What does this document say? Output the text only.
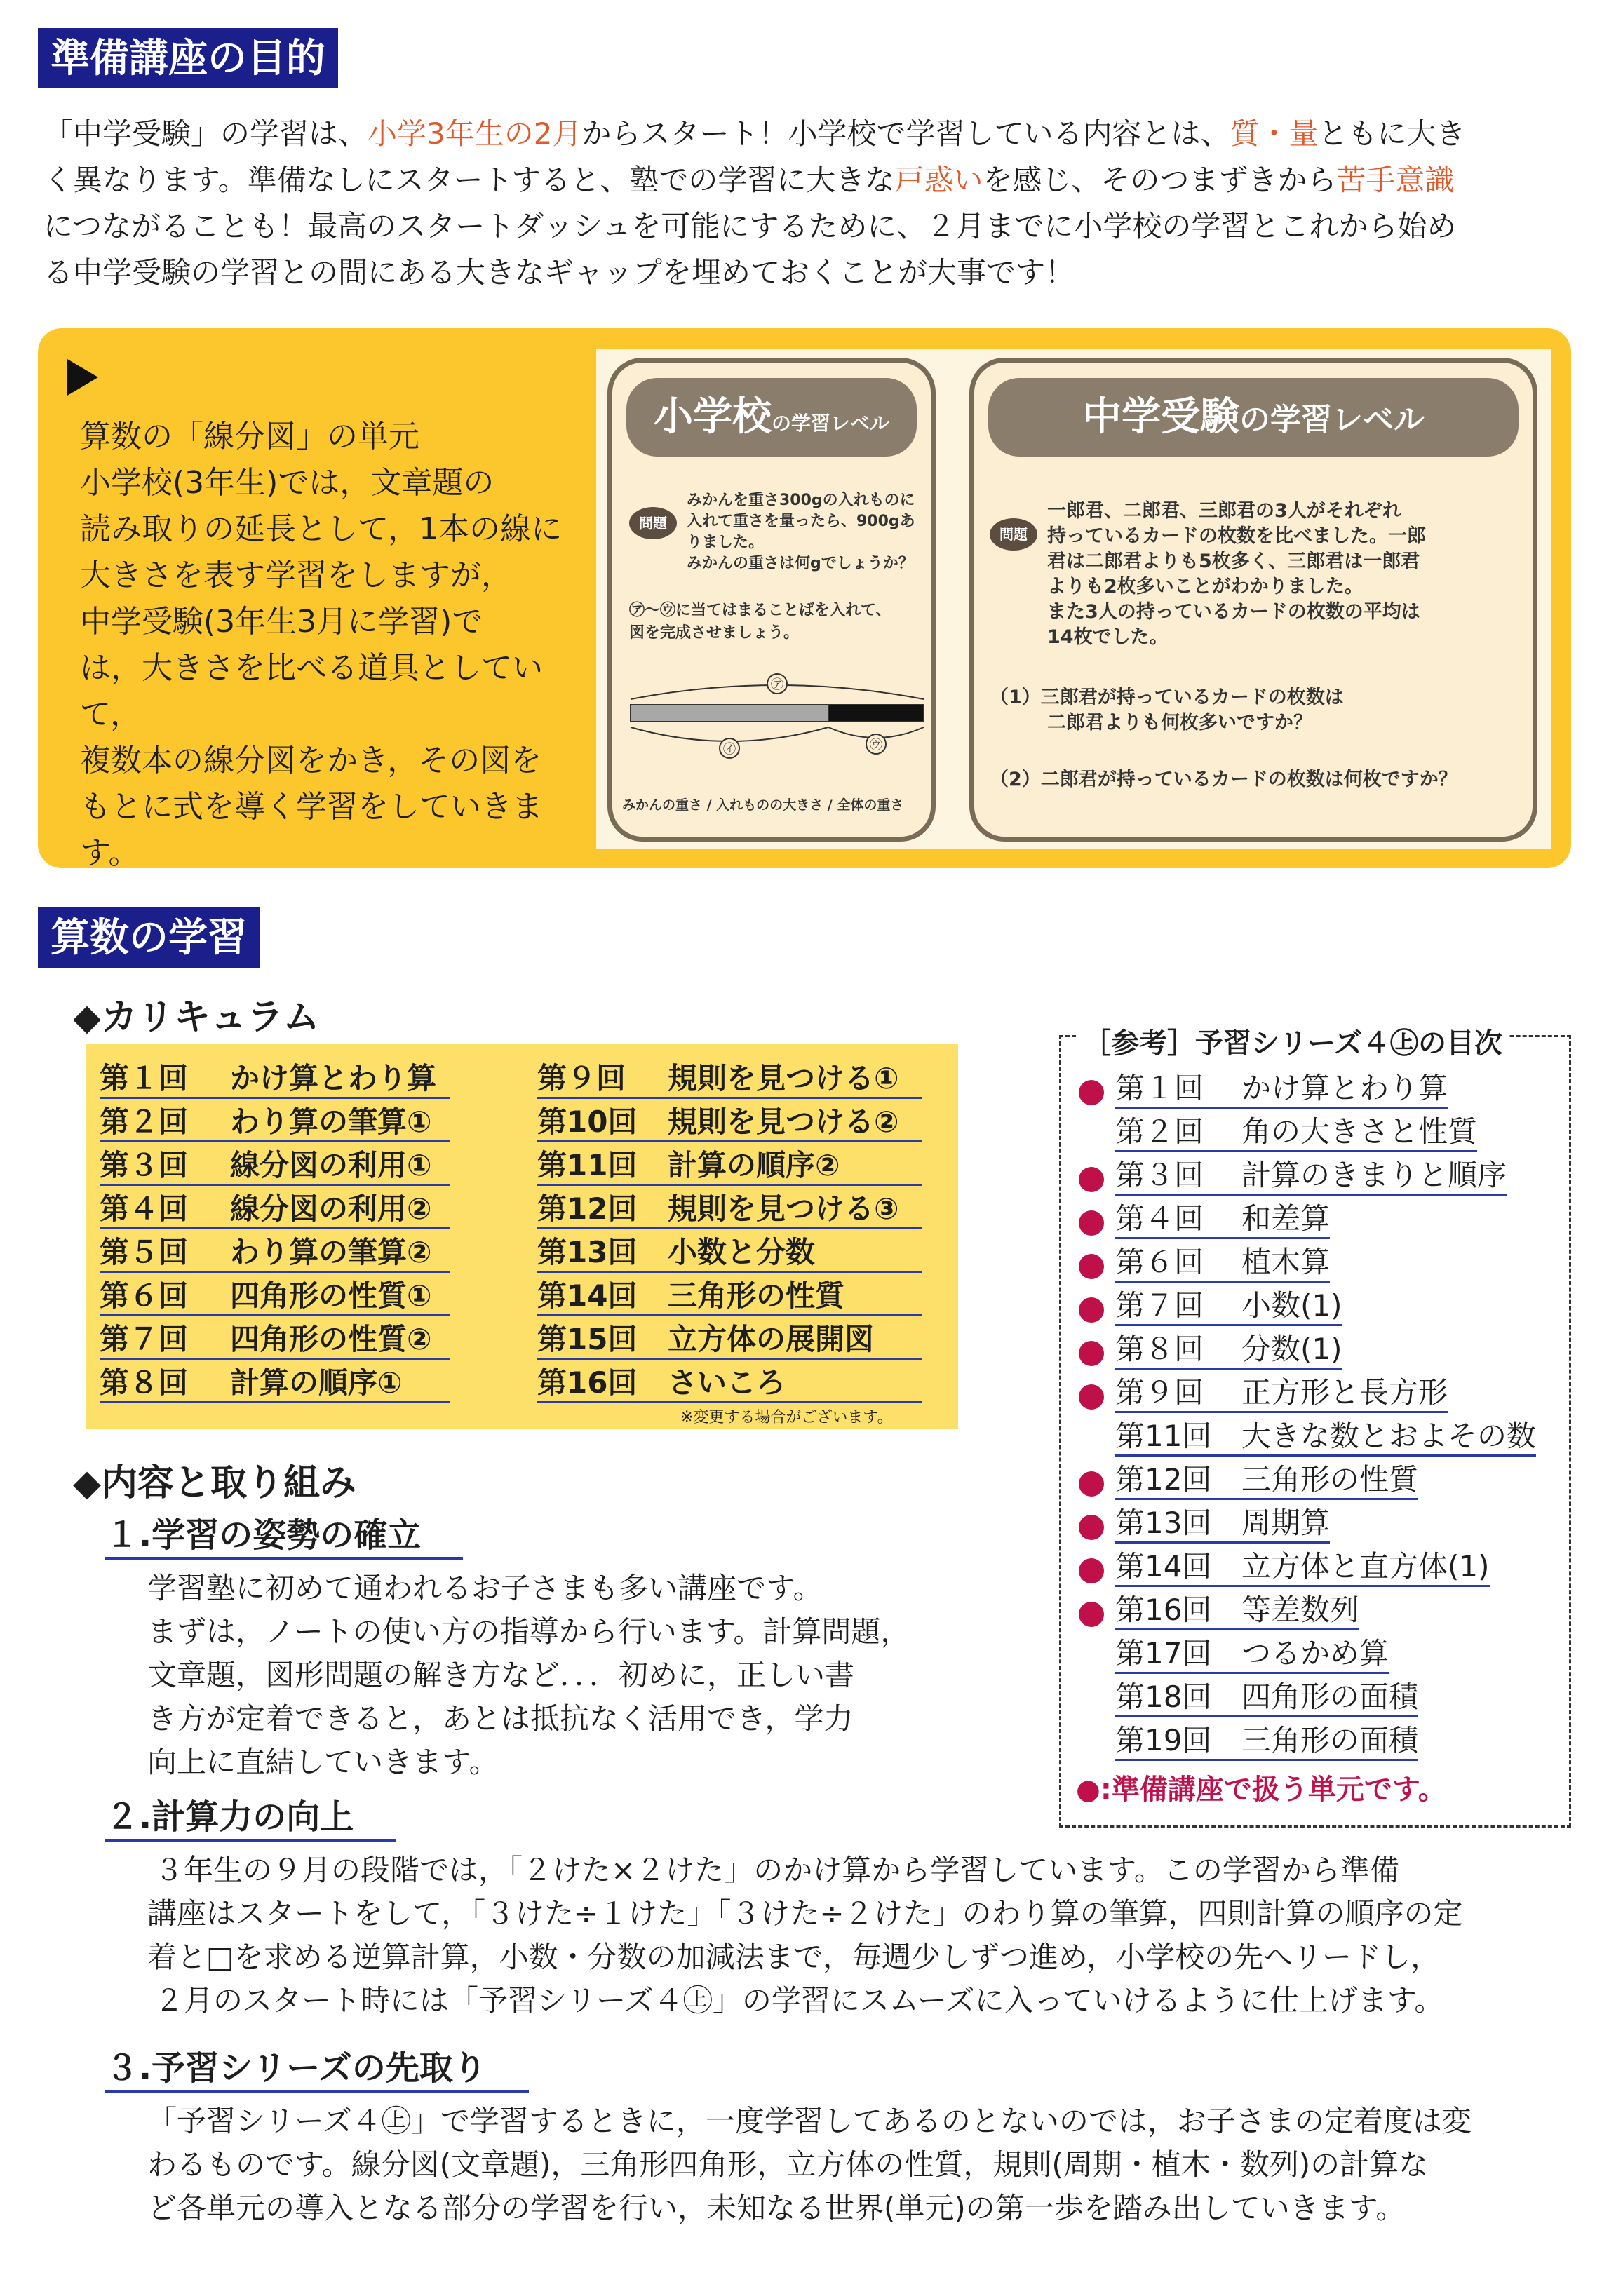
準備講座の目的
「中学受験」の学習は、小学3年生の2月からスタート！小学校で学習している内容とは、質・量ともに大き
く異なります。準備なしにスタートすると、塾での学習に大きな戸惑いを感じ、そのつまずきから苦手意識
につながることも！最高のスタートダッシュを可能にするために、２月までに小学校の学習とこれから始め
る中学受験の学習との間にある大きなギャップを埋めておくことが大事です！
算数の「線分図」の単元
小学校(3年生)では，文章題の
読み取りの延長として，1本の線に
大きさを表す学習をしますが，
中学受験(3年生3月に学習)で
は，大きさを比べる道具としていて，
複数本の線分図をかき，その図を
もとに式を導く学習をしていきます。
小学校の学習レベル
問題
みかんを重さ300gの入れものに
入れて重さを量ったら、900gあ
りました。
みかんの重さは何gでしょうか？
㋐～㋒に当てはまることばを入れて、
図を完成させましょう。
㋐
㋑	㋒
みかんの重さ / 入れものの大きさ / 全体の重さ
中学受験の学習レベル
問題
一郎君、二郎君、三郎君の3人がそれぞれ
持っているカードの枚数を比べました。一郎
君は二郎君よりも5枚多く、三郎君は一郎君
よりも2枚多いことがわかりました。
また3人の持っているカードの枚数の平均は
14枚でした。
（1）三郎君が持っているカードの枚数は
二郎君よりも何枚多いですか？
（2）二郎君が持っているカードの枚数は何枚ですか？
算数の学習
◆カリキュラム
第１回 かけ算とわり算
第２回 わり算の筆算①
第３回 線分図の利用①
第４回 線分図の利用②
第５回 わり算の筆算②
第６回 四角形の性質①
第７回 四角形の性質②
第８回 計算の順序①
第９回 規則を見つける①
第10回 規則を見つける②
第11回 計算の順序②
第12回 規則を見つける③
第13回 小数と分数
第14回 三角形の性質
第15回 立方体の展開図
第16回 さいころ
※変更する場合がございます。
［参考］予習シリーズ４㊤の目次
第１回 かけ算とわり算
第２回 角の大きさと性質
第３回 計算のきまりと順序
第４回 和差算
第６回 植木算
第７回 小数(1)
第８回 分数(1)
第９回 正方形と長方形
第11回 大きな数とおよその数
第12回 三角形の性質
第13回 周期算
第14回 立方体と直方体(1)
第16回 等差数列
第17回 つるかめ算
第18回 四角形の面積
第19回 三角形の面積
●:準備講座で扱う単元です。
◆内容と取り組み
１.学習の姿勢の確立
学習塾に初めて通われるお子さまも多い講座です。
まずは，ノートの使い方の指導から行います。計算問題，
文章題，図形問題の解き方など．．．初めに，正しい書
き方が定着できると，あとは抵抗なく活用でき，学力
向上に直結していきます。
２.計算力の向上
３年生の９月の段階では，「２けた×２けた」のかけ算から学習しています。この学習から準備
講座はスタートをして，「３けた÷１けた」「３けた÷２けた」のわり算の筆算，四則計算の順序の定
着と□を求める逆算計算，小数・分数の加減法まで，毎週少しずつ進め，小学校の先へリードし，
２月のスタート時には「予習シリーズ４㊤」の学習にスムーズに入っていけるように仕上げます。
３.予習シリーズの先取り
「予習シリーズ４㊤」で学習するときに，一度学習してあるのとないのでは，お子さまの定着度は変
わるものです。線分図(文章題)，三角形四角形，立方体の性質，規則(周期・植木・数列)の計算な
ど各単元の導入となる部分の学習を行い，未知なる世界(単元)の第一歩を踏み出していきます。
